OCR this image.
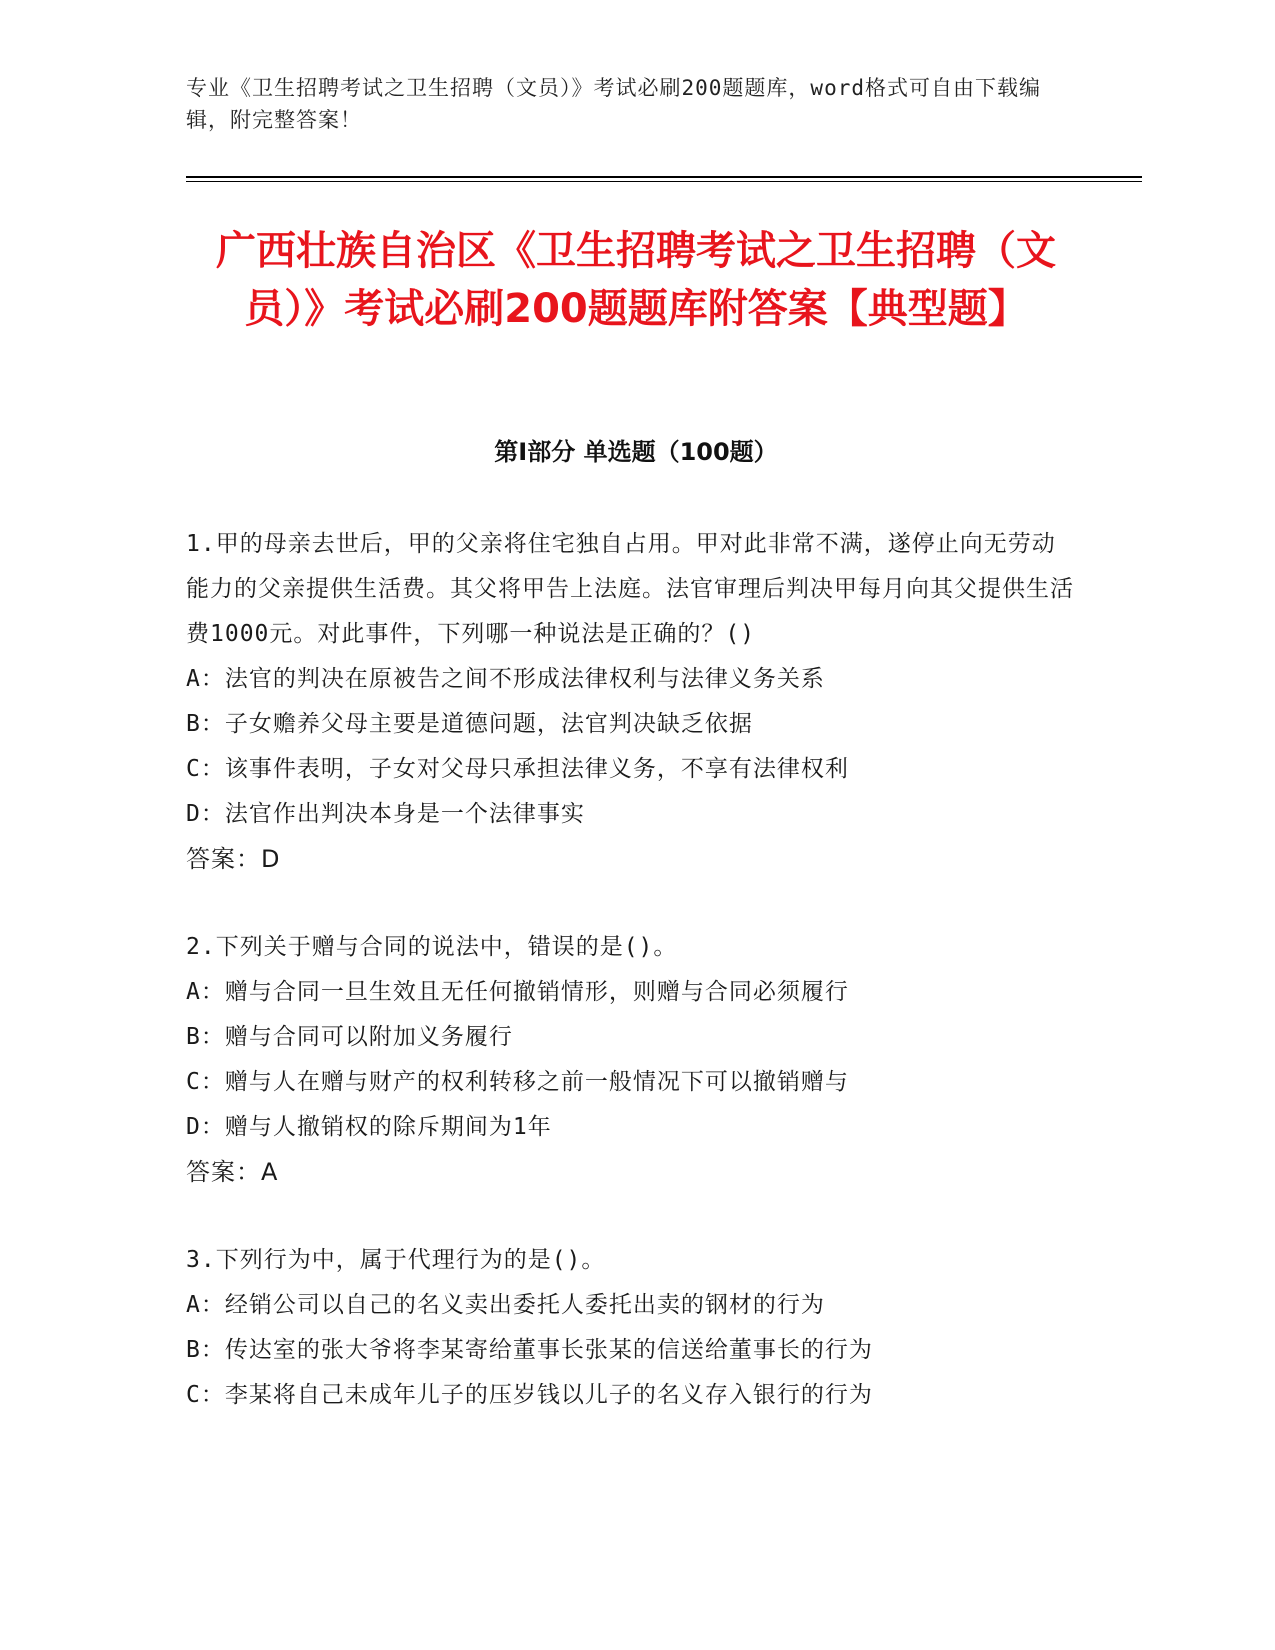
专业《卫生招聘考试之卫生招聘（文员）》考试必刷200题题库，word格式可自由下载编辑，附完整答案！

广西壮族自治区《卫生招聘考试之卫生招聘（文员）》考试必刷200题题库附答案【典型题】
第I部分 单选题（100题）

1.甲的母亲去世后，甲的父亲将住宅独自占用。甲对此非常不满，遂停止向无劳动能力的父亲提供生活费。其父将甲告上法庭。法官审理后判决甲每月向其父提供生活费1000元。对此事件，下列哪一种说法是正确的？()

A：法官的判决在原被告之间不形成法律权利与法律义务关系

B：子女赡养父母主要是道德问题，法官判决缺乏依据

C：该事件表明，子女对父母只承担法律义务，不享有法律权利

D：法官作出判决本身是一个法律事实

答案：D

2.下列关于赠与合同的说法中，错误的是()。

A：赠与合同一旦生效且无任何撤销情形，则赠与合同必须履行

B：赠与合同可以附加义务履行

C：赠与人在赠与财产的权利转移之前一般情况下可以撤销赠与

D：赠与人撤销权的除斥期间为1年

答案：A

3.下列行为中，属于代理行为的是()。

A：经销公司以自己的名义卖出委托人委托出卖的钢材的行为

B：传达室的张大爷将李某寄给董事长张某的信送给董事长的行为

C：李某将自己未成年儿子的压岁钱以儿子的名义存入银行的行为
